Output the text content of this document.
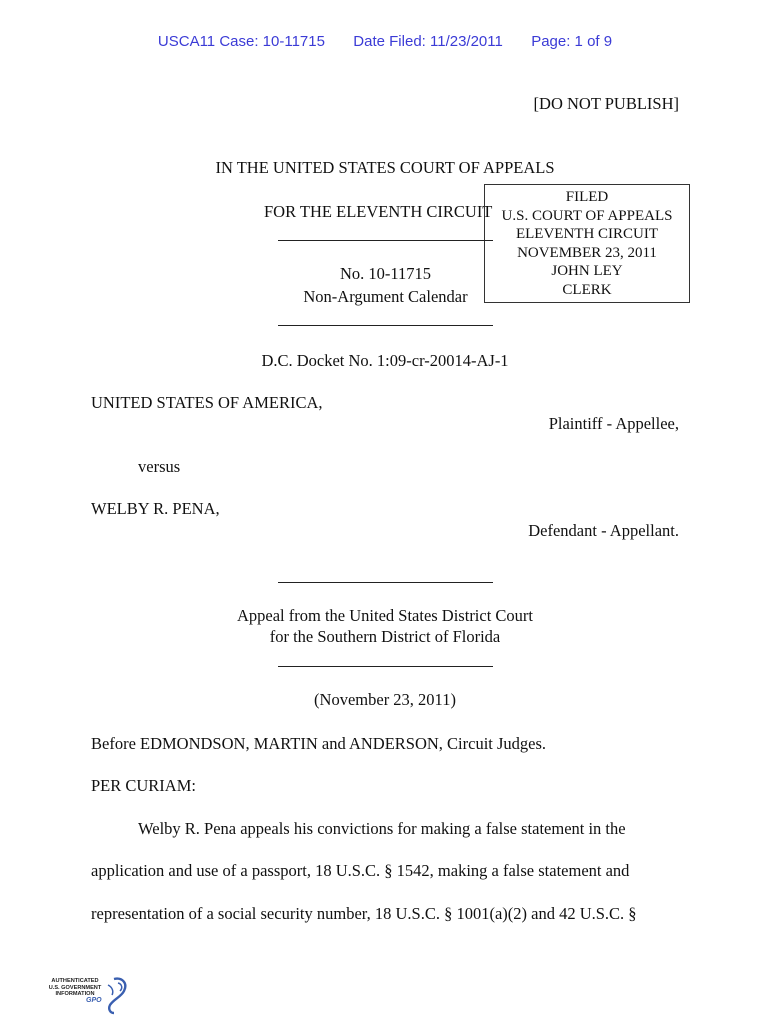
USCA11 Case: 10-11715 Date Filed: 11/23/2011 Page: 1 of 9
[DO NOT PUBLISH]
IN THE UNITED STATES COURT OF APPEALS
FOR THE ELEVENTH CIRCUIT
FILED
U.S. COURT OF APPEALS
ELEVENTH CIRCUIT
NOVEMBER 23, 2011
JOHN LEY
CLERK
No. 10-11715
Non-Argument Calendar
D.C. Docket No. 1:09-cr-20014-AJ-1
UNITED STATES OF AMERICA,
Plaintiff - Appellee,
versus
WELBY R. PENA,
Defendant - Appellant.
Appeal from the United States District Court
for the Southern District of Florida
(November 23, 2011)
Before EDMONDSON, MARTIN and ANDERSON, Circuit Judges.
PER CURIAM:
Welby R. Pena appeals his convictions for making a false statement in the
application and use of a passport, 18 U.S.C. § 1542, making a false statement and
representation of a social security number, 18 U.S.C. § 1001(a)(2) and 42 U.S.C. §
AUTHENTICATED
U.S. GOVERNMENT
INFORMATION
GPO
